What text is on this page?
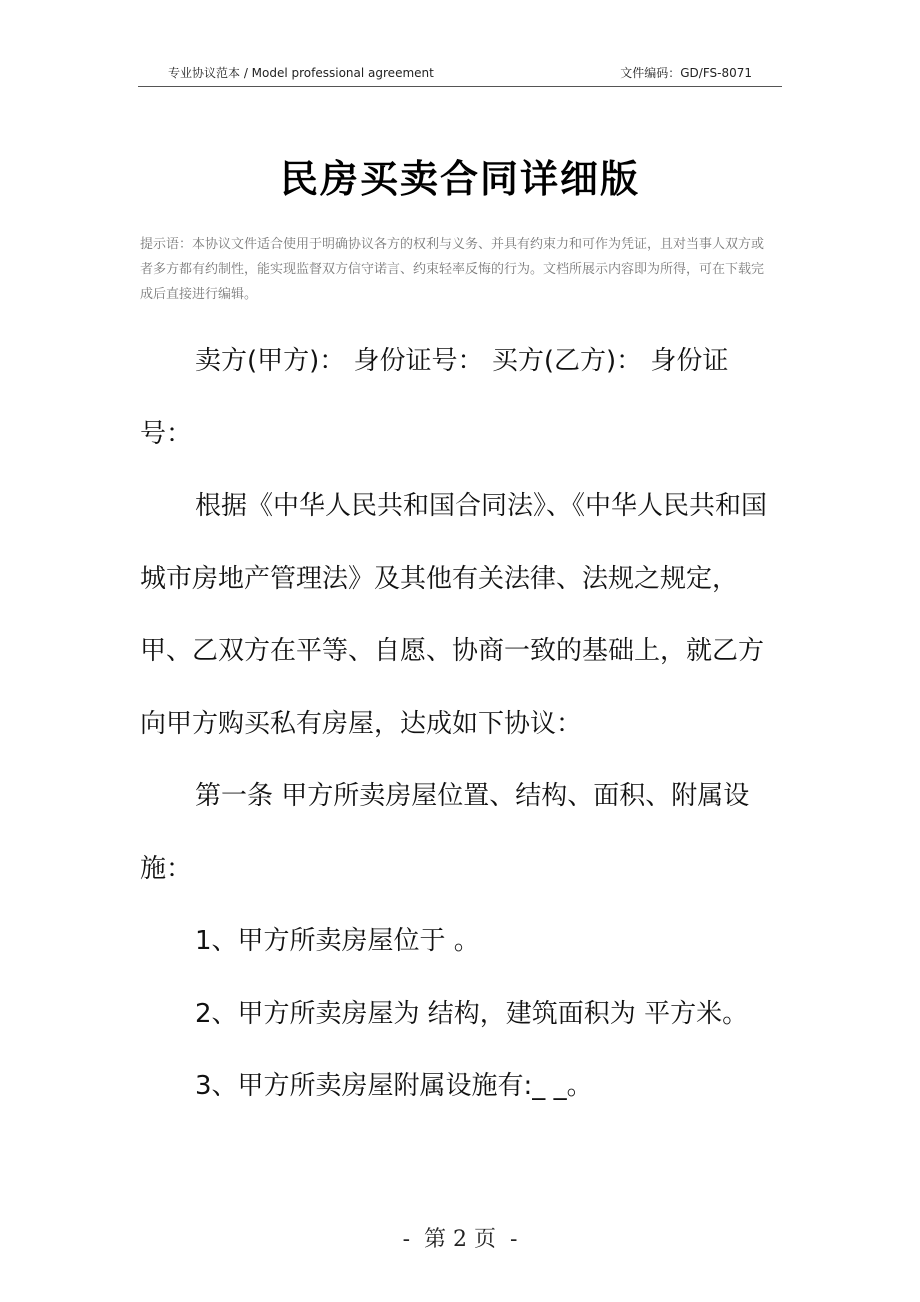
专业协议范本 / Model professional agreement	文件编码：GD/FS-8071
民房买卖合同详细版
提示语：本协议文件适合使用于明确协议各方的权利与义务、并具有约束力和可作为凭证，且对当事人双方或者多方都有约制性，能实现监督双方信守诺言、约束轻率反悔的行为。文档所展示内容即为所得，可在下载完成后直接进行编辑。

卖方(甲方)： 身份证号： 买方(乙方)： 身份证号：

根据《中华人民共和国合同法》、《中华人民共和国城市房地产管理法》及其他有关法律、法规之规定，甲、乙双方在平等、自愿、协商一致的基础上，就乙方向甲方购买私有房屋，达成如下协议：

第一条 甲方所卖房屋位置、结构、面积、附属设施：

1、甲方所卖房屋位于 。

2、甲方所卖房屋为 结构，建筑面积为 平方米。

3、甲方所卖房屋附属设施有:_ _。

-  第 2 页  -
